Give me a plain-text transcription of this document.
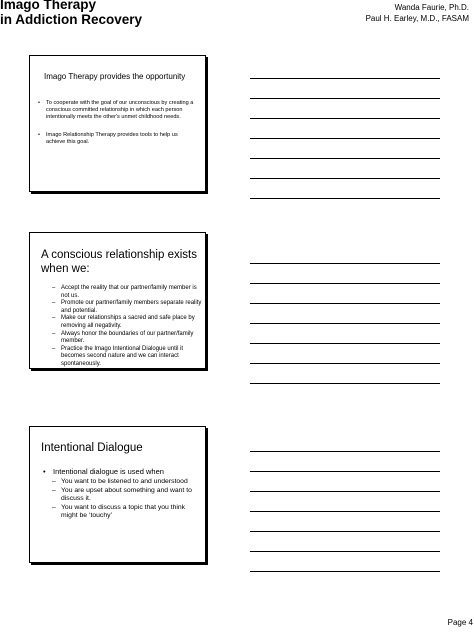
Imago Therapy
in Addiction Recovery
Wanda Faurie, Ph.D.
Paul H. Earley, M.D., FASAM
Imago Therapy provides the opportunity
• To cooperate with the goal of our unconscious by creating a conscious committed relationship in which each person intentionally meets the other's unmet childhood needs.
• Imago Relationship Therapy provides tools to help us achieve this goal.
A conscious relationship exists when we:
– Accept the reality that our partner/family member is not us.
– Promote our partner/family members separate reality and potential.
– Make our relationships a sacred and safe place by removing all negativity.
– Always honor the boundaries of our partner/family member.
– Practice the Imago Intentional Dialogue until it becomes second nature and we can interact spontaneously.
Intentional Dialogue
• Intentional dialogue is used when
– You want to be listened to and understood
– You are upset about something and want to discuss it.
– You want to discuss a topic that you think might be ‘touchy’
Page 4
